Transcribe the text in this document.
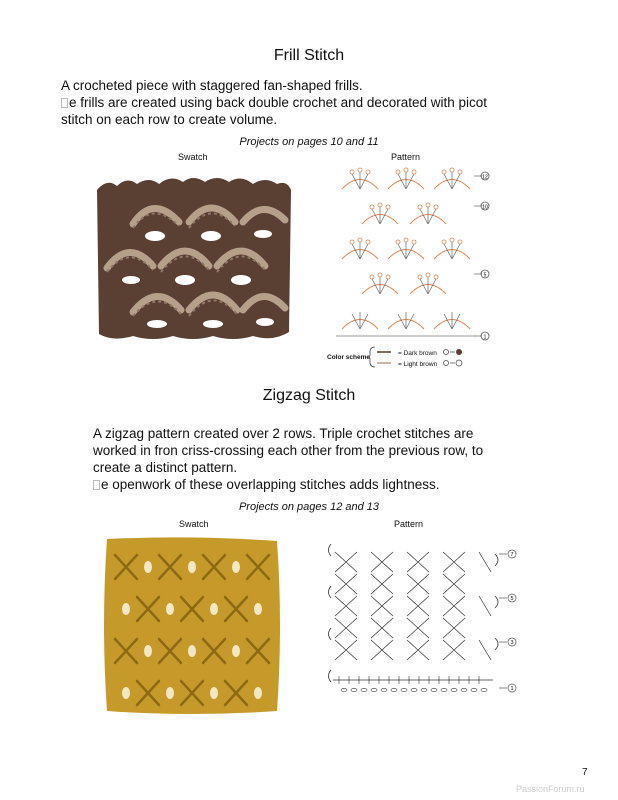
Frill Stitch
A crocheted piece with staggered fan-shaped frills.
e frills are created using back double crochet and decorated with picot
stitch on each row to create volume.
Projects on pages 10 and 11
Swatch	Pattern
12
10
5
1
Color scheme
= Dark brown
= Light brown
Zigzag Stitch
A zigzag pattern created over 2 rows. Triple crochet stitches are
worked in fron criss-crossing each other from the previous row, to
create a distinct pattern.
e openwork of these overlapping stitches adds lightness.
Projects on pages 12 and 13
Swatch	Pattern
7
5
3
1
7
PassionForum.ru
